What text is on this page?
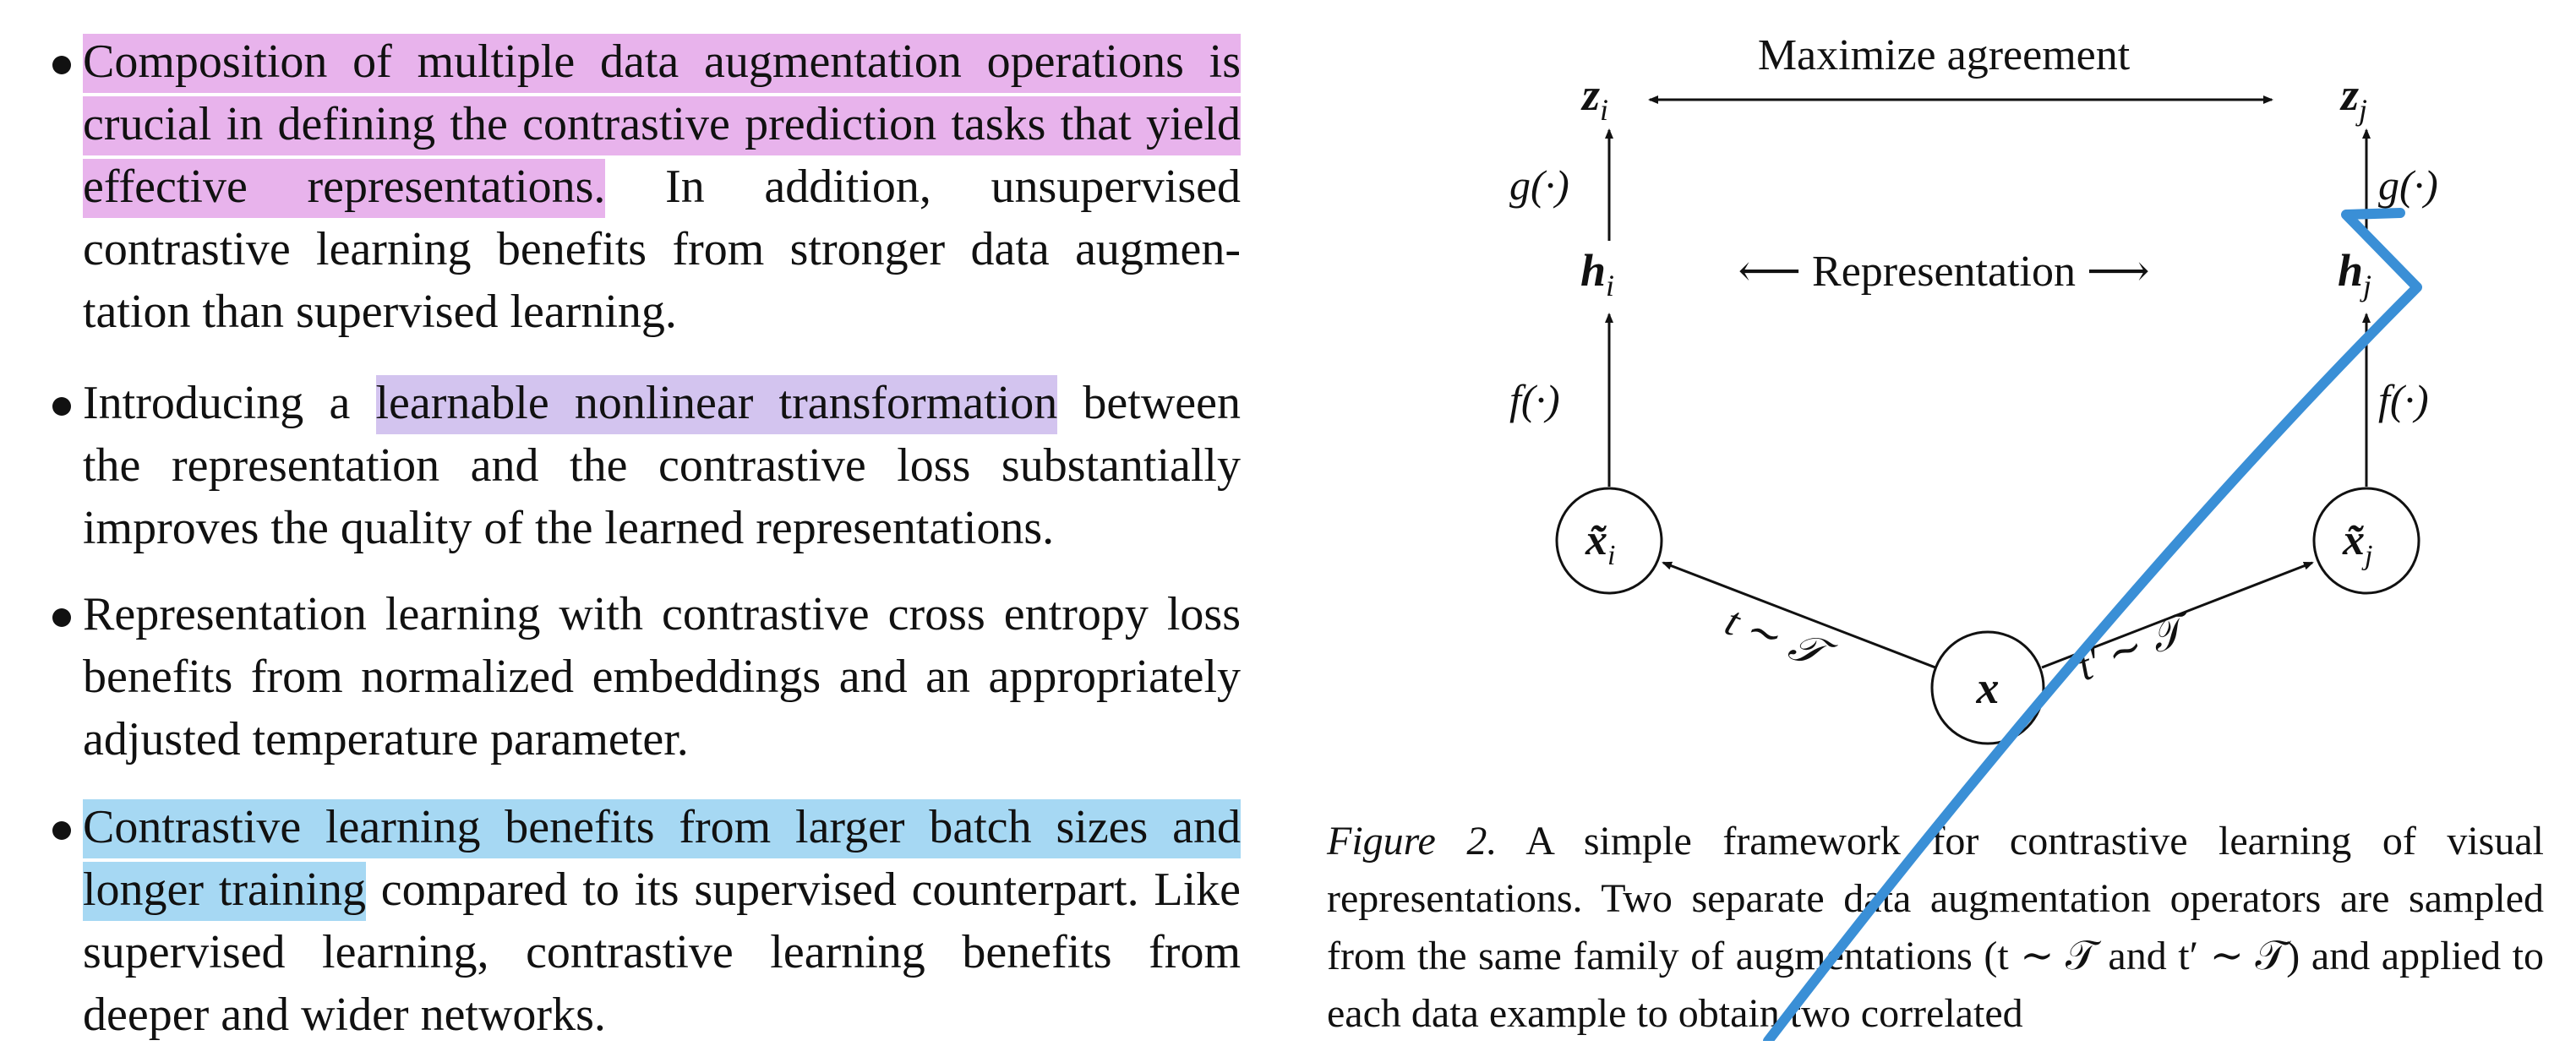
Composition of multiple data augmentation operations is crucial in defining the contrastive prediction tasks that yield effective representations. In addition, unsupervised contrastive learning benefits from stronger data augmentation than supervised learning.
Introducing a learnable nonlinear transformation between the representation and the contrastive loss substantially improves the quality of the learned representations.
Representation learning with contrastive cross entropy loss benefits from normalized embeddings and an appropriately adjusted temperature parameter.
Contrastive learning benefits from larger batch sizes and longer training compared to its supervised counterpart. Like supervised learning, contrastive learning benefits from deeper and wider networks.
Maximize agreement
$z_i$	$z_j$
g(·)	g(·)
$h_i$	$h_j$
⟵ Representation ⟶
f(·)	f(·)
$x̃_i$	$x̃_j$
x
t ∼ 𝒯	t′ ∼ 𝒯
Figure 2. A simple framework for contrastive learning of visual representations. Two separate data augmentation operators are sampled from the same family of augmentations (t ∼ 𝒯 and t′ ∼ 𝒯) and applied to each data example to obtain two correlated
